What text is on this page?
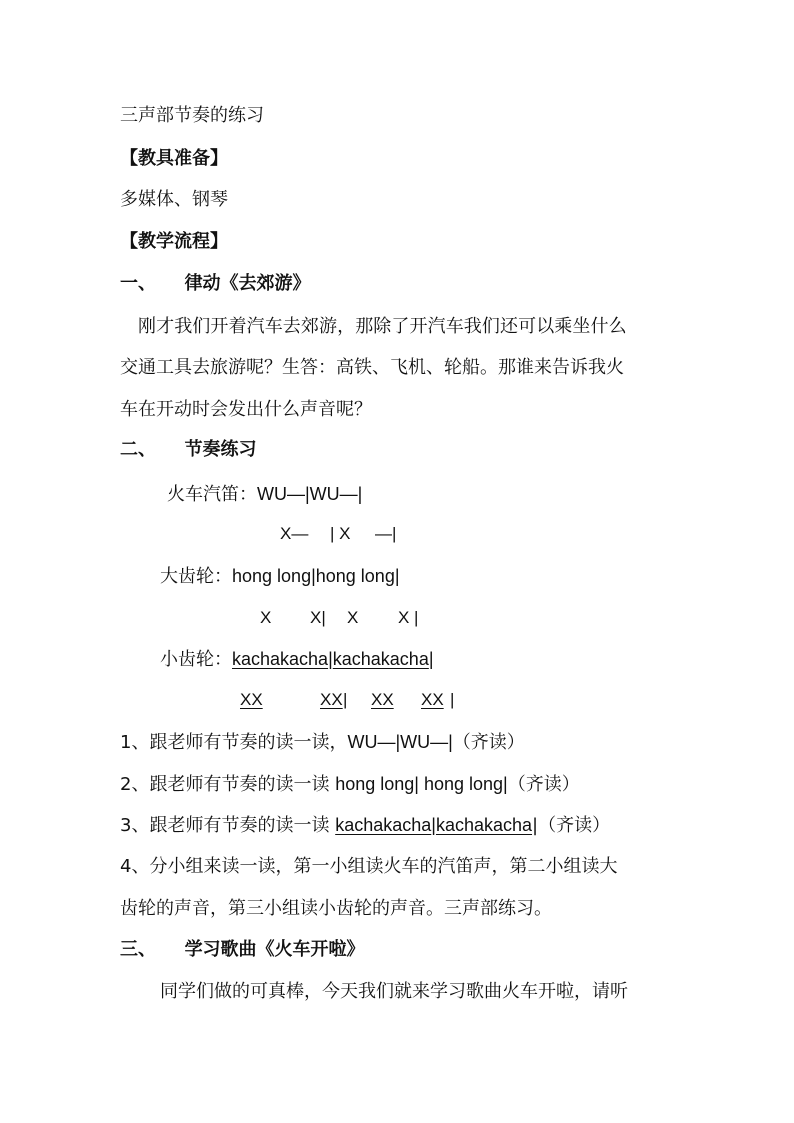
三声部节奏的练习
【教具准备】
多媒体、钢琴
【教学流程】
一、 律动《去郊游》
刚才我们开着汽车去郊游，那除了开汽车我们还可以乘坐什么
交通工具去旅游呢？生答：高铁、飞机、轮船。那谁来告诉我火
车在开动时会发出什么声音呢？
二、 节奏练习
火车汽笛：WU—|WU—|
X— | X —|
大齿轮：hong long|hong long|
X X| X X |
小齿轮：kachakacha|kachakacha|
XX	XX | XX XX |
1、跟老师有节奏的读一读，WU—|WU—|（齐读）
2、跟老师有节奏的读一读 hong long| hong long|（齐读）
3、跟老师有节奏的读一读 kachakacha|kachakacha|（齐读）
4、分小组来读一读，第一小组读火车的汽笛声，第二小组读大
齿轮的声音，第三小组读小齿轮的声音。三声部练习。
三、 学习歌曲《火车开啦》
同学们做的可真棒，今天我们就来学习歌曲火车开啦，请听
